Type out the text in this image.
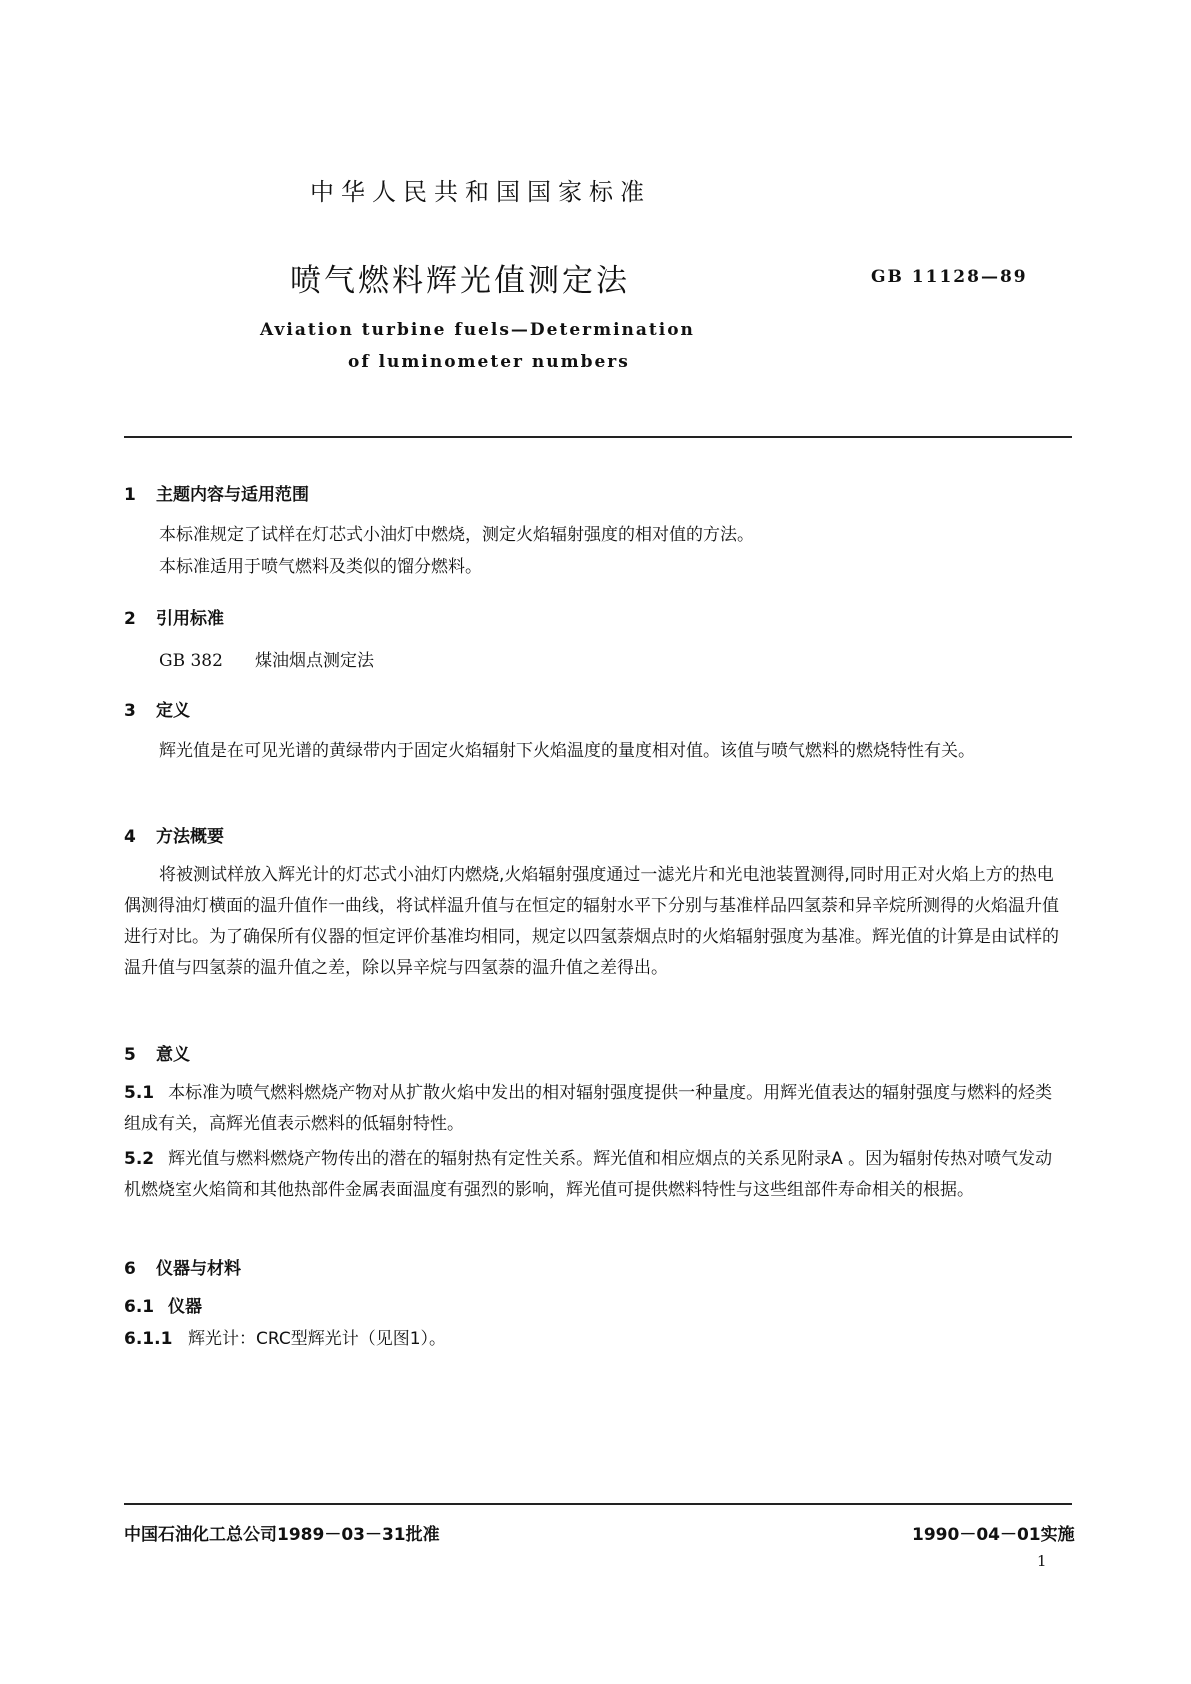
中华人民共和国国家标准
喷气燃料辉光值测定法	GB 11128—89
Aviation turbine fuels—Determination
of luminometer numbers
1 主题内容与适用范围
本标准规定了试样在灯芯式小油灯中燃烧，测定火焰辐射强度的相对值的方法。
本标准适用于喷气燃料及类似的馏分燃料。
2 引用标准
GB 382 煤油烟点测定法
3 定义
辉光值是在可见光谱的黄绿带内于固定火焰辐射下火焰温度的量度相对值。该值与喷气燃料的燃烧特性有关。
4 方法概要
将被测试样放入辉光计的灯芯式小油灯内燃烧,火焰辐射强度通过一滤光片和光电池装置测得,同时用正对火焰上方的热电偶测得油灯横面的温升值作一曲线，将试样温升值与在恒定的辐射水平下分别与基准样品四氢萘和异辛烷所测得的火焰温升值进行对比。为了确保所有仪器的恒定评价基准均相同，规定以四氢萘烟点时的火焰辐射强度为基准。辉光值的计算是由试样的温升值与四氢萘的温升值之差，除以异辛烷与四氢萘的温升值之差得出。
5 意义
5.1 本标准为喷气燃料燃烧产物对从扩散火焰中发出的相对辐射强度提供一种量度。用辉光值表达的辐射强度与燃料的烃类组成有关，高辉光值表示燃料的低辐射特性。
5.2 辉光值与燃料燃烧产物传出的潜在的辐射热有定性关系。辉光值和相应烟点的关系见附录A 。因为辐射传热对喷气发动机燃烧室火焰筒和其他热部件金属表面温度有强烈的影响，辉光值可提供燃料特性与这些组部件寿命相关的根据。
6 仪器与材料
6.1 仪器
6.1.1 辉光计：CRC型辉光计（见图1）。
中国石油化工总公司1989－03－31批准	1990－04－01实施
1
